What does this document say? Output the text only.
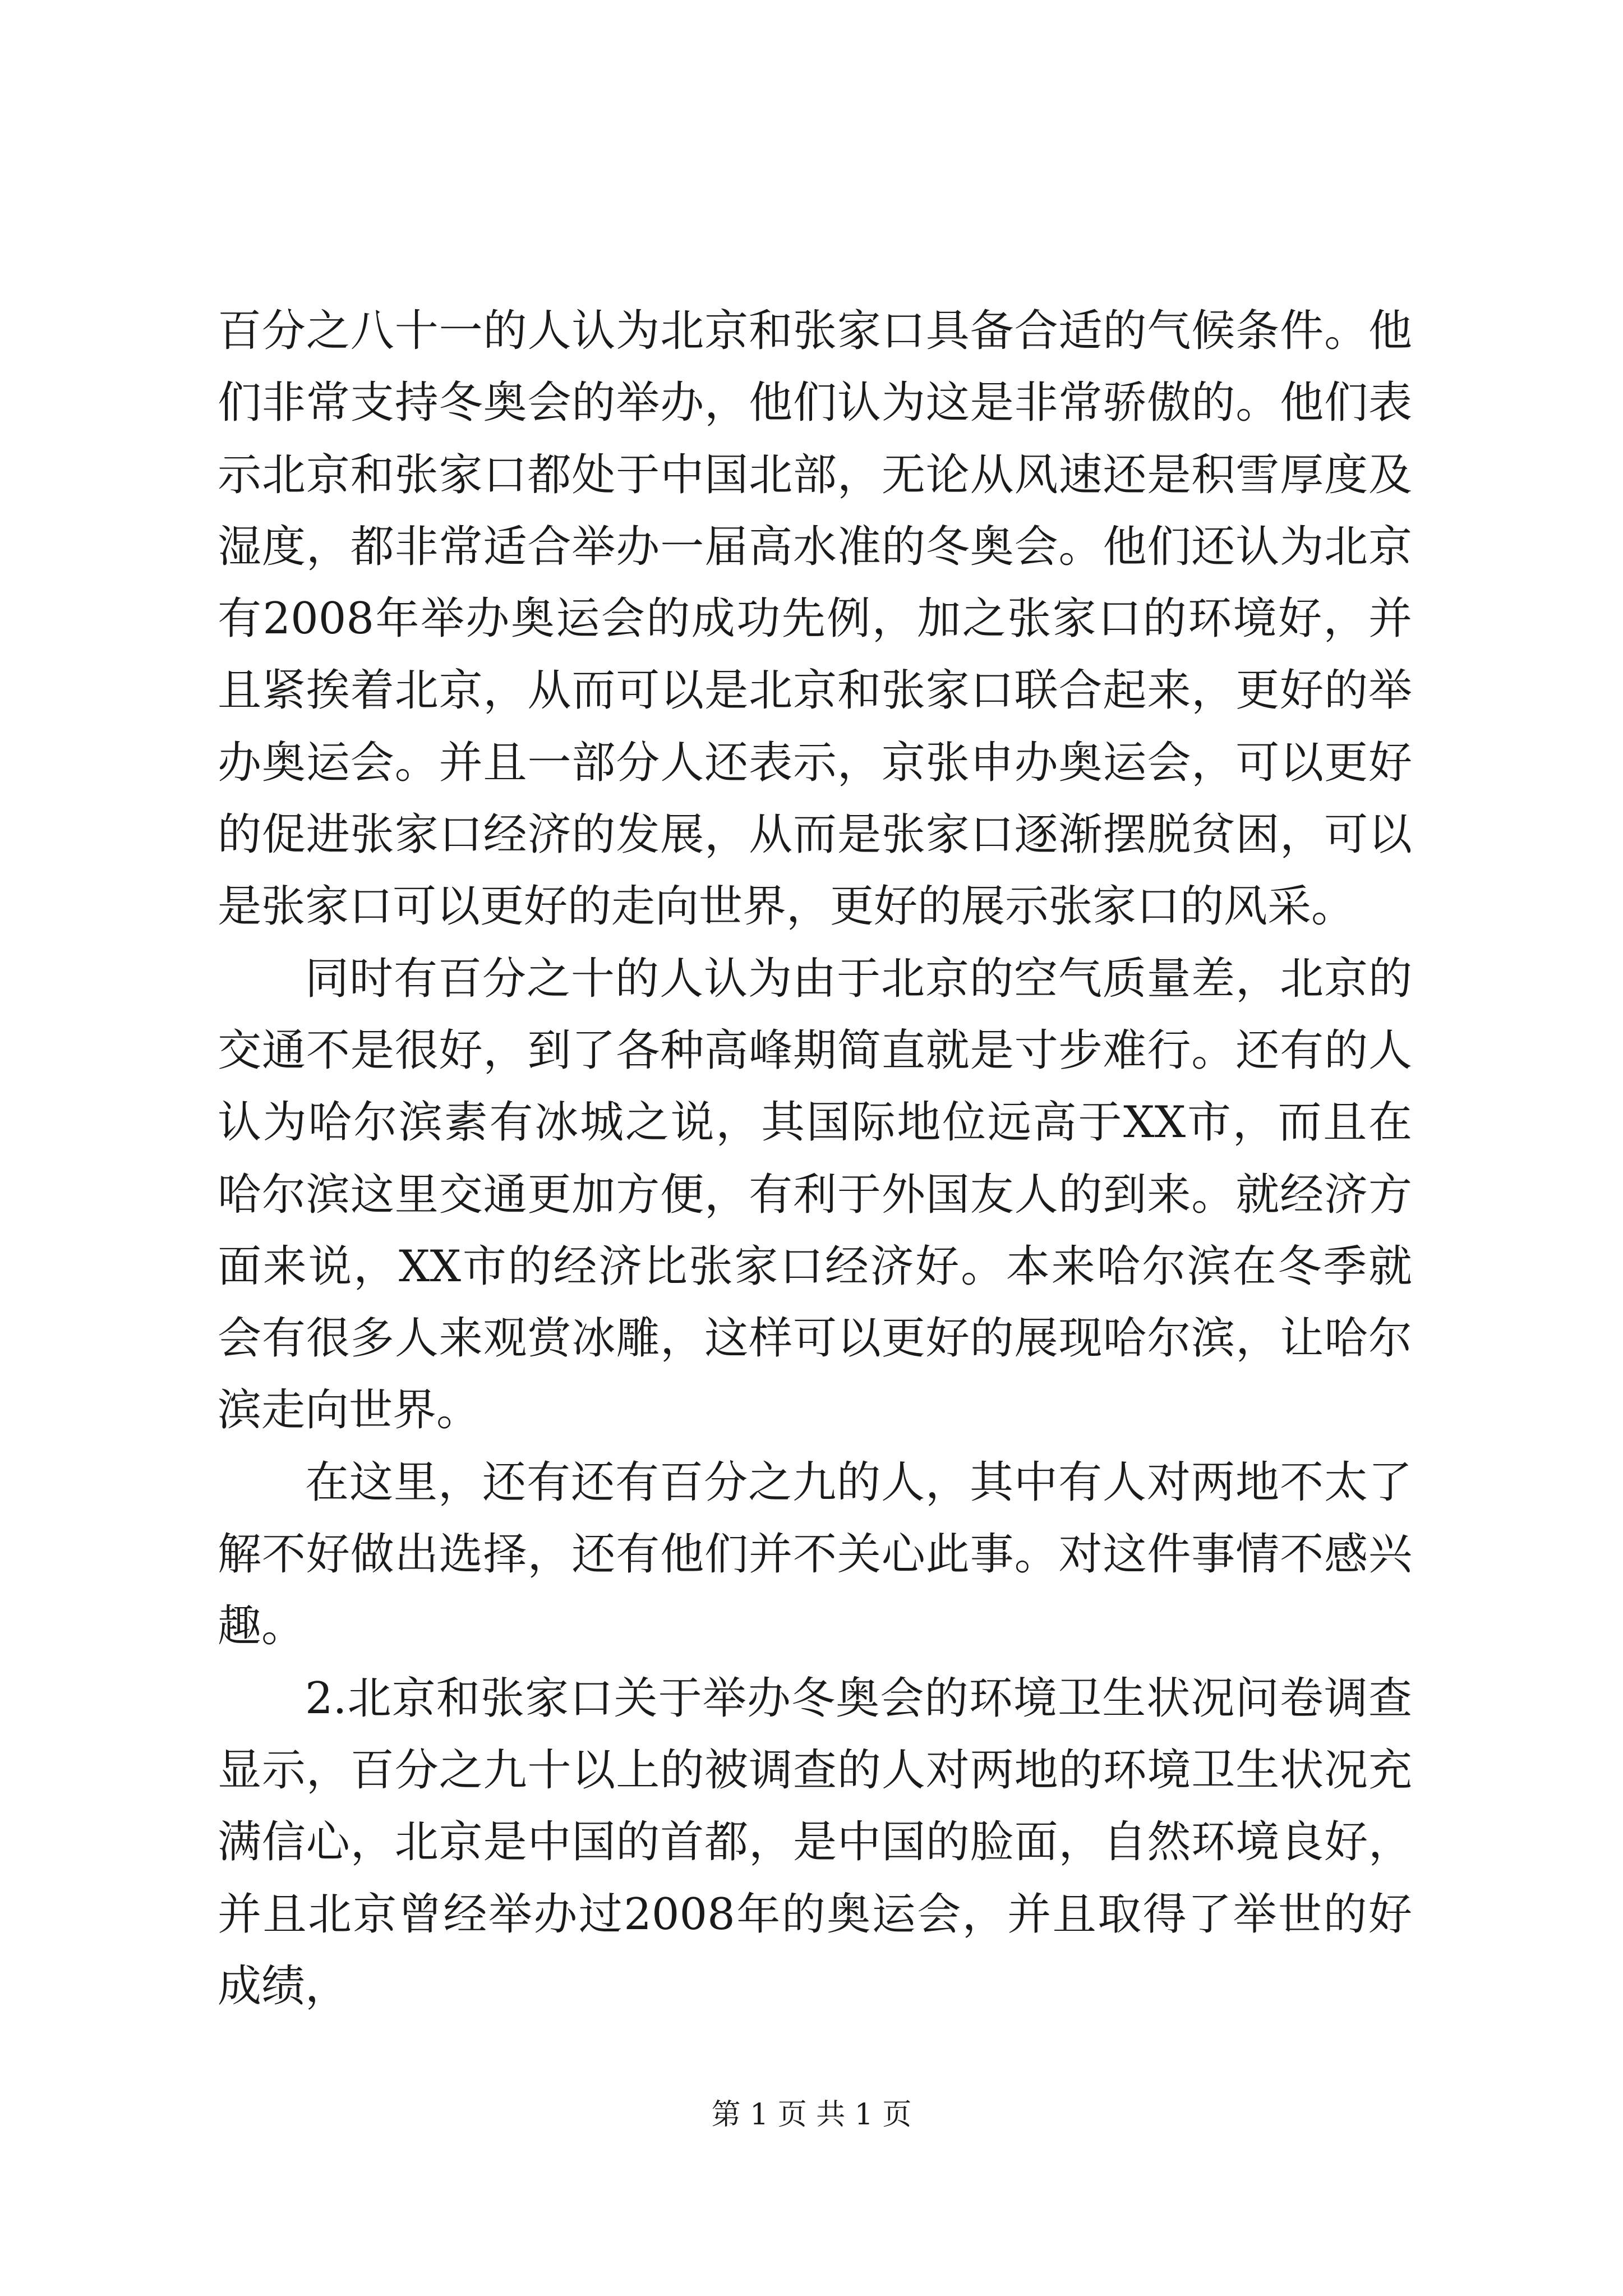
百分之八十一的人认为北京和张家口具备合适的气候条件。他们非常支持冬奥会的举办，他们认为这是非常骄傲的。他们表示北京和张家口都处于中国北部，无论从风速还是积雪厚度及湿度，都非常适合举办一届高水准的冬奥会。他们还认为北京有2008年举办奥运会的成功先例，加之张家口的环境好，并且紧挨着北京，从而可以是北京和张家口联合起来，更好的举办奥运会。并且一部分人还表示，京张申办奥运会，可以更好的促进张家口经济的发展，从而是张家口逐渐摆脱贫困，可以是张家口可以更好的走向世界，更好的展示张家口的风采。

同时有百分之十的人认为由于北京的空气质量差，北京的交通不是很好，到了各种高峰期简直就是寸步难行。还有的人认为哈尔滨素有冰城之说，其国际地位远高于XX市，而且在哈尔滨这里交通更加方便，有利于外国友人的到来。就经济方面来说，XX市的经济比张家口经济好。本来哈尔滨在冬季就会有很多人来观赏冰雕，这样可以更好的展现哈尔滨，让哈尔滨走向世界。

在这里，还有还有百分之九的人，其中有人对两地不太了解不好做出选择，还有他们并不关心此事。对这件事情不感兴趣。

2.北京和张家口关于举办冬奥会的环境卫生状况问卷调查显示，百分之九十以上的被调查的人对两地的环境卫生状况充满信心，北京是中国的首都，是中国的脸面，自然环境良好，并且北京曾经举办过2008年的奥运会，并且取得了举世的好成绩，

第 1 页 共 1 页
